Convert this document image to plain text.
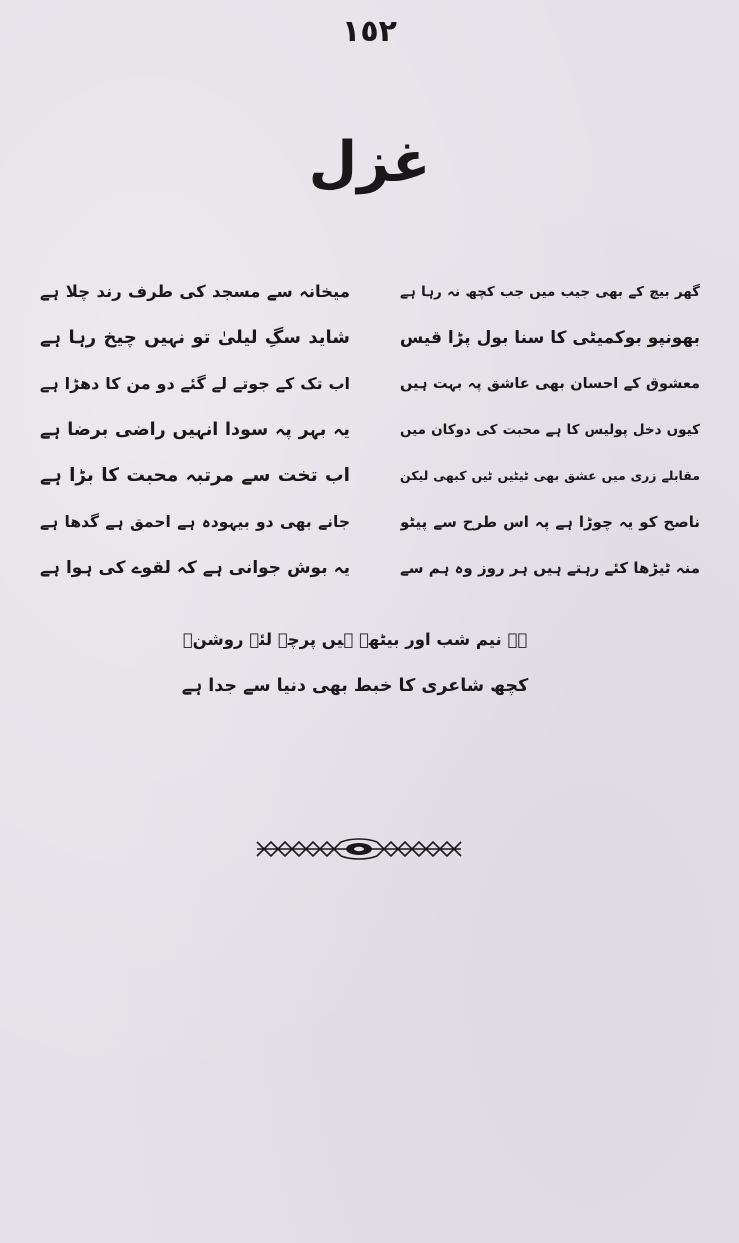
١٥٢
غزل
گھر بیچ کے بھی جیب میں جب کچھ نہ رہا ہے
بھونپو بوکمیٹی کا سنا بول پڑا قیس
معشوق کے احسان بھی عاشق پہ بہت ہیں
کیوں دخل پولیس کا ہے محبت کی دوکان میں
مقابلے زری میں عشق بھی ٹیٹیں ٹیں کبھی لیکن
ناصح کو یہ چوڑا ہے پہ اس طرح سے پیٹو
منہ ٹیڑھا کئے رہتے ہیں ہر روز وہ ہم سے
میخانہ سے مسجد کی طرف رند چلا ہے
شاید سگِ لیلیٰ تو نہیں چیخ رہا ہے
اب تک کے جوتے لے گئے دو من کا دھڑا ہے
یہ بہر پہ سودا انہیں راضی برضا ہے
اب تخت سے مرتبہ محبت کا بڑا ہے
جانے بھی دو بیہودہ ہے احمق ہے گدھا ہے
یہ بوش جوانی ہے کہ لقوے کی ہوا ہے
ہے نیم شب اور بیٹھے ہیں پرچہ لئے روشنؔ
کچھ شاعری کا خبط بھی دنیا سے جدا ہے
